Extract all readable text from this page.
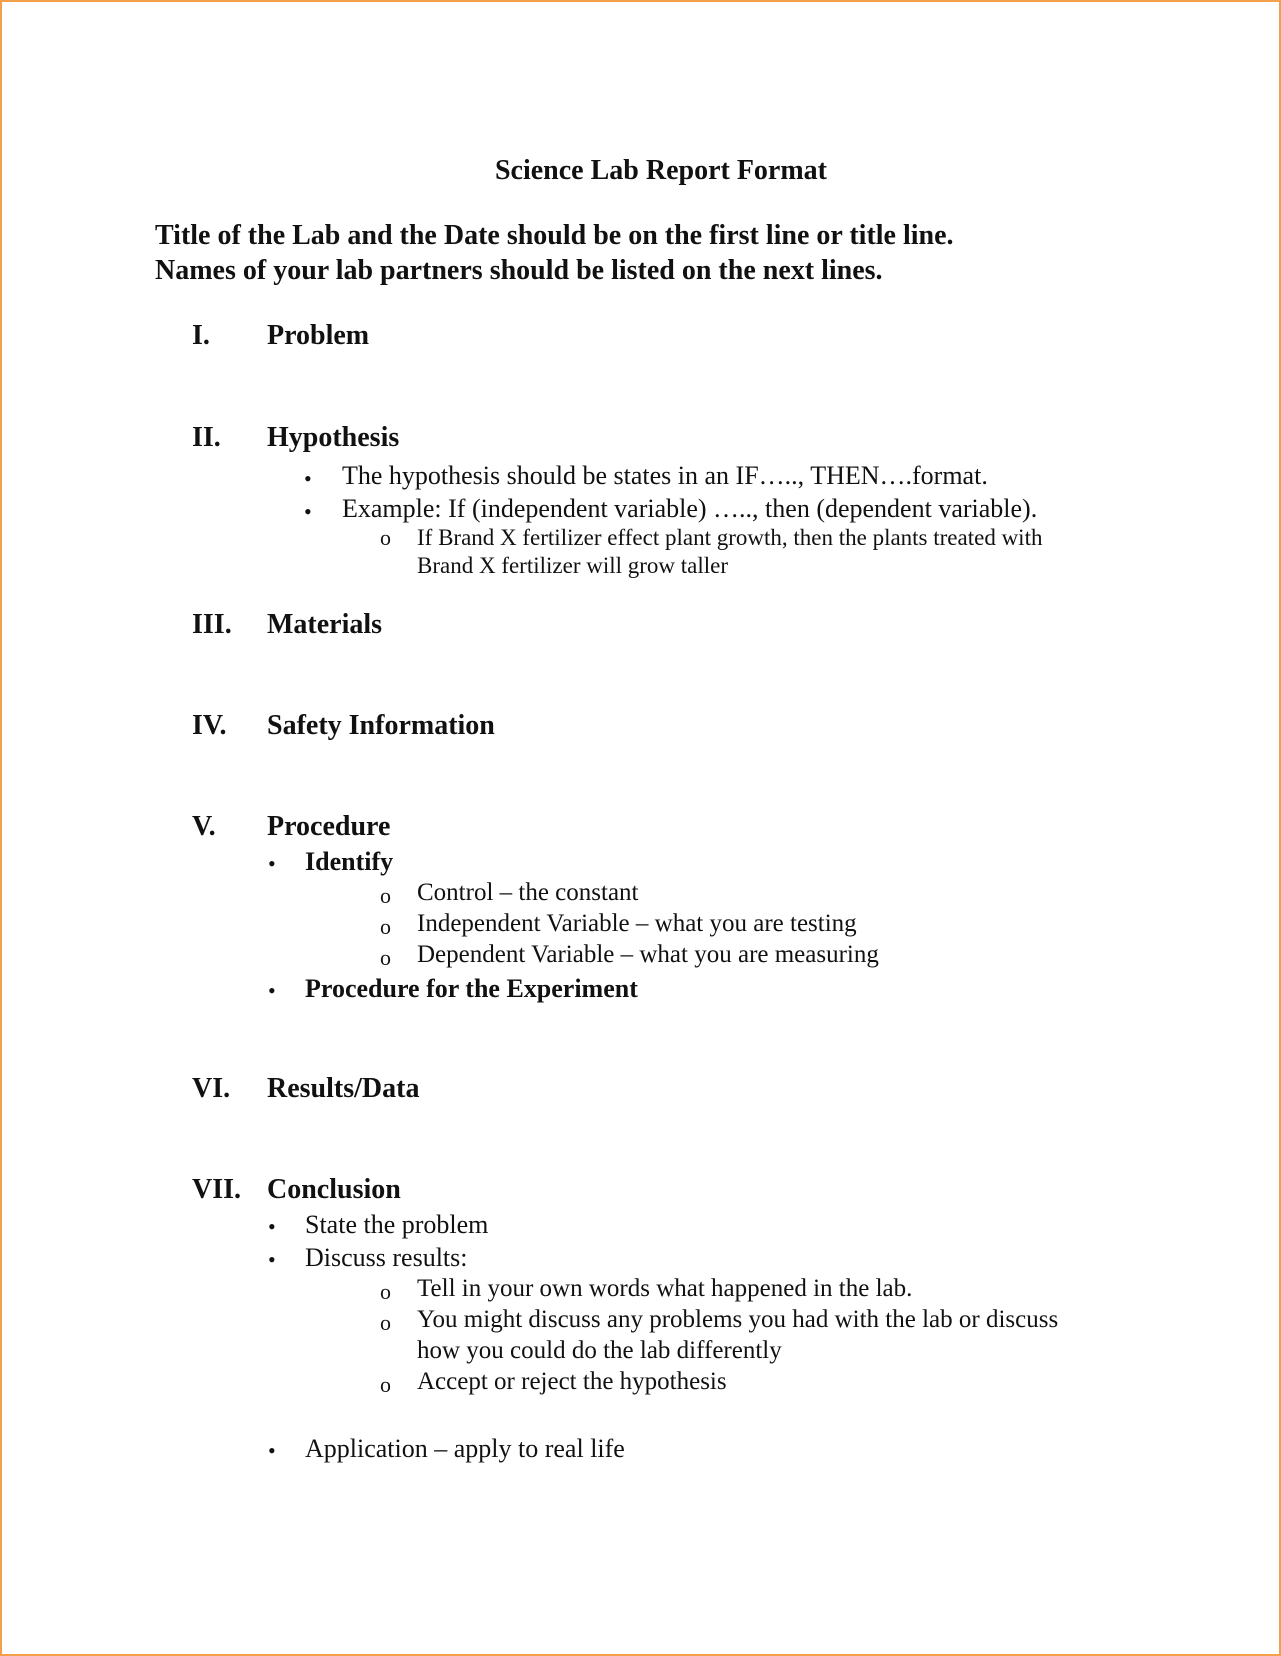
Science Lab Report Format
Title of the Lab and the Date should be on the first line or title line.
Names of your lab partners should be listed on the next lines.
I. Problem
II. Hypothesis
• The hypothesis should be states in an IF….., THEN….format.
• Example: If (independent variable) ….., then (dependent variable).
o If Brand X fertilizer effect plant growth, then the plants treated with
Brand X fertilizer will grow taller
III. Materials
IV. Safety Information
V. Procedure
• Identify
o Control – the constant
o Independent Variable – what you are testing
o Dependent Variable – what you are measuring
• Procedure for the Experiment
VI. Results/Data
VII. Conclusion
• State the problem
• Discuss results:
o Tell in your own words what happened in the lab.
o You might discuss any problems you had with the lab or discuss
how you could do the lab differently
o Accept or reject the hypothesis
• Application – apply to real life
